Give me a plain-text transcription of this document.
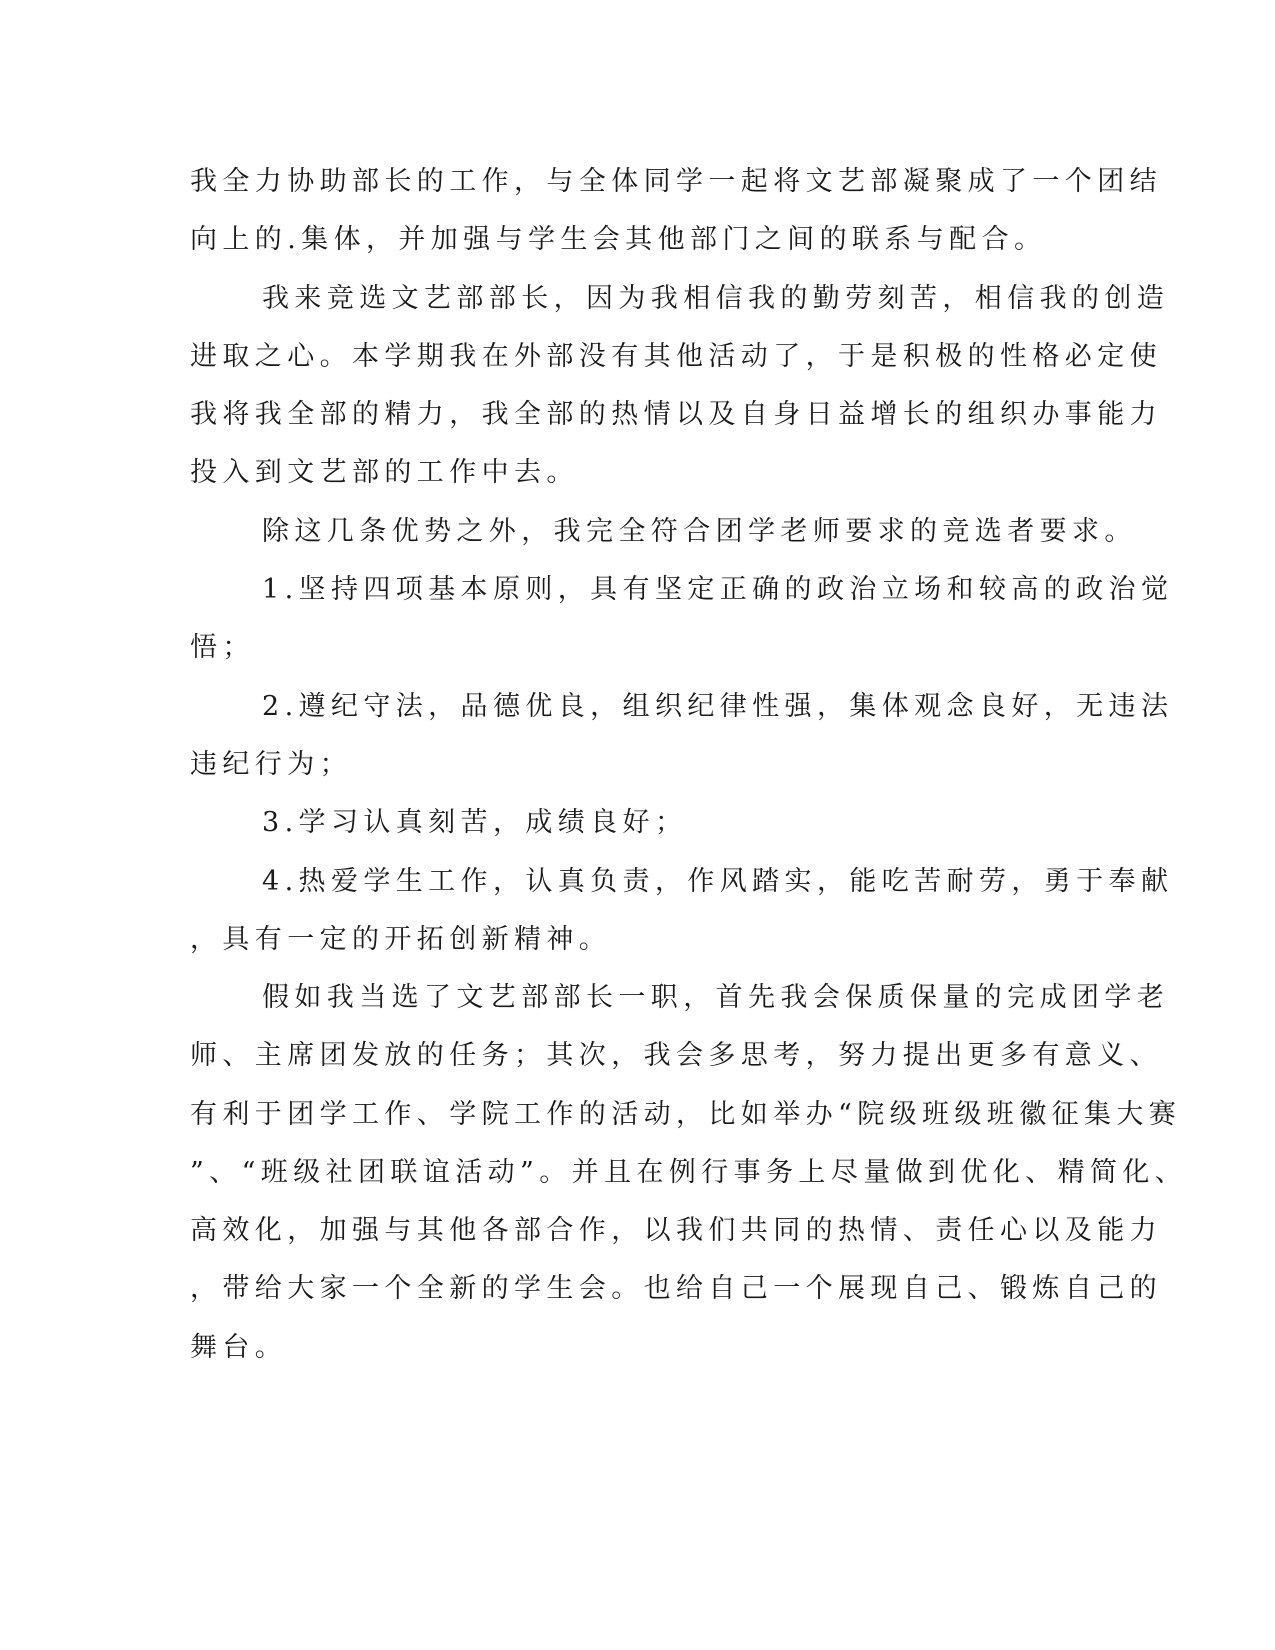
我全力协助部长的工作，与全体同学一起将文艺部凝聚成了一个团结
向上的.集体，并加强与学生会其他部门之间的联系与配合。
我来竞选文艺部部长，因为我相信我的勤劳刻苦，相信我的创造
进取之心。本学期我在外部没有其他活动了，于是积极的性格必定使
我将我全部的精力，我全部的热情以及自身日益增长的组织办事能力
投入到文艺部的工作中去。
除这几条优势之外，我完全符合团学老师要求的竞选者要求。
1.坚持四项基本原则，具有坚定正确的政治立场和较高的政治觉
悟；
2.遵纪守法，品德优良，组织纪律性强，集体观念良好，无违法
违纪行为；
3.学习认真刻苦，成绩良好；
4.热爱学生工作，认真负责，作风踏实，能吃苦耐劳，勇于奉献
，具有一定的开拓创新精神。
假如我当选了文艺部部长一职，首先我会保质保量的完成团学老
师、主席团发放的任务；其次，我会多思考，努力提出更多有意义、
有利于团学工作、学院工作的活动，比如举办“院级班级班徽征集大赛
”、“班级社团联谊活动”。并且在例行事务上尽量做到优化、精简化、
高效化，加强与其他各部合作，以我们共同的热情、责任心以及能力
，带给大家一个全新的学生会。也给自己一个展现自己、锻炼自己的
舞台。
